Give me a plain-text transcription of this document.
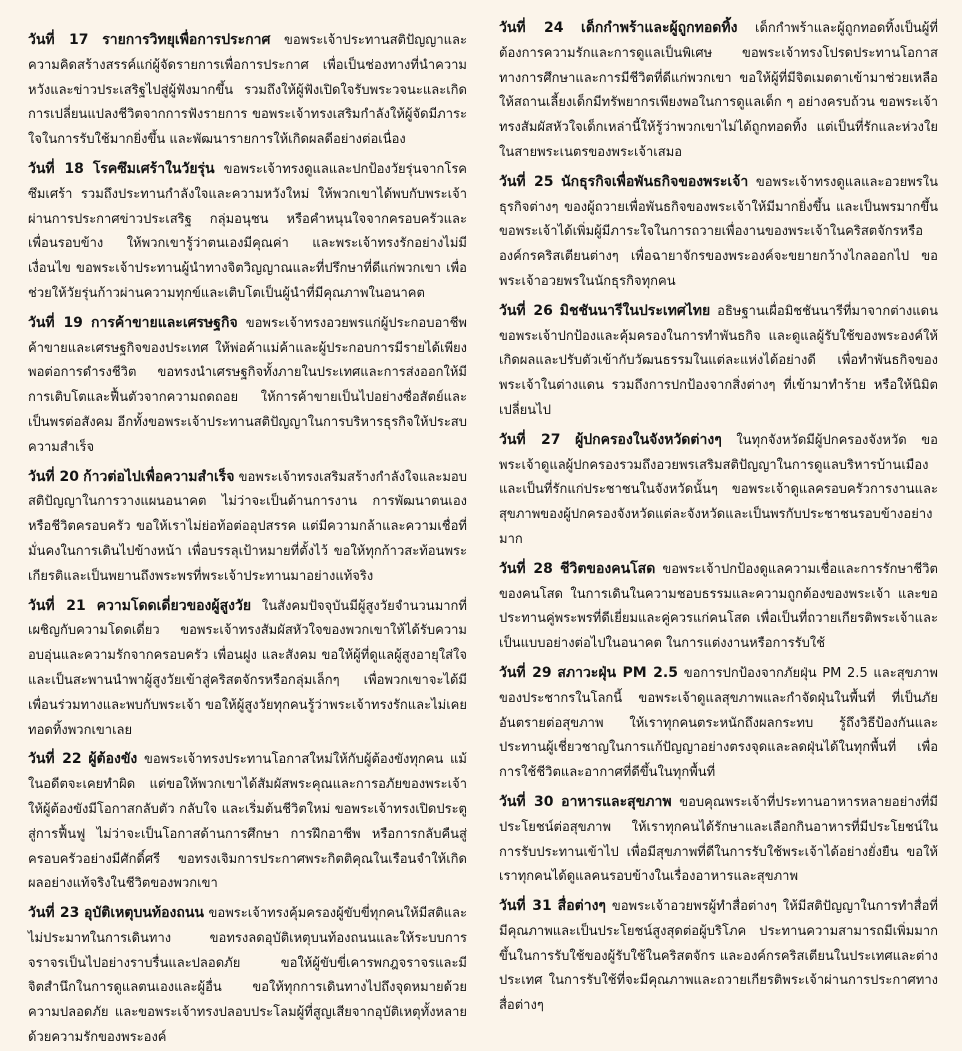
วันที่ 17 รายการวิทยุเพื่อการประกาศ ขอพระเจ้าประทานสติปัญญาและความคิดสร้างสรรค์แก่ผู้จัดรายการเพื่อการประกาศ เพื่อเป็นช่องทางที่นำความหวังและข่าวประเสริฐไปสู่ผู้ฟังมากขึ้น รวมถึงให้ผู้ฟังเปิดใจรับพระวจนะและเกิดการเปลี่ยนแปลงชีวิตจากการฟังรายการ ขอพระเจ้าทรงเสริมกำลังให้ผู้จัดมีภาระใจในการรับใช้มากยิ่งขึ้น และพัฒนารายการให้เกิดผลดีอย่างต่อเนื่อง

วันที่ 18 โรคซึมเศร้าในวัยรุ่น ขอพระเจ้าทรงดูแลและปกป้องวัยรุ่นจากโรคซึมเศร้า รวมถึงประทานกำลังใจและความหวังใหม่ ให้พวกเขาได้พบกับพระเจ้าผ่านการประกาศข่าวประเสริฐ กลุ่มอนุชน หรือคำหนุนใจจากครอบครัวและเพื่อนรอบข้าง ให้พวกเขารู้ว่าตนเองมีคุณค่า และพระเจ้าทรงรักอย่างไม่มีเงื่อนไข ขอพระเจ้าประทานผู้นำทางจิตวิญญาณและที่ปรึกษาที่ดีแก่พวกเขา เพื่อช่วยให้วัยรุ่นก้าวผ่านความทุกข์และเติบโตเป็นผู้นำที่มีคุณภาพในอนาคต

วันที่ 19 การค้าขายและเศรษฐกิจ ขอพระเจ้าทรงอวยพรแก่ผู้ประกอบอาชีพค้าขายและเศรษฐกิจของประเทศ ให้พ่อค้าแม่ค้าและผู้ประกอบการมีรายได้เพียงพอต่อการดำรงชีวิต ขอทรงนำเศรษฐกิจทั้งภายในประเทศและการส่งออกให้มีการเติบโตและฟื้นตัวจากความถดถอย ให้การค้าขายเป็นไปอย่างซื่อสัตย์และเป็นพรต่อสังคม อีกทั้งขอพระเจ้าประทานสติปัญญาในการบริหารธุรกิจให้ประสบความสำเร็จ

วันที่ 20 ก้าวต่อไปเพื่อความสำเร็จ ขอพระเจ้าทรงเสริมสร้างกำลังใจและมอบสติปัญญาในการวางแผนอนาคต ไม่ว่าจะเป็นด้านการงาน การพัฒนาตนเอง หรือชีวิตครอบครัว ขอให้เราไม่ย่อท้อต่ออุปสรรค แต่มีความกล้าและความเชื่อที่มั่นคงในการเดินไปข้างหน้า เพื่อบรรลุเป้าหมายที่ตั้งไว้ ขอให้ทุกก้าวสะท้อนพระเกียรติและเป็นพยานถึงพระพรที่พระเจ้าประทานมาอย่างแท้จริง

วันที่ 21 ความโดดเดี่ยวของผู้สูงวัย ในสังคมปัจจุบันมีผู้สูงวัยจำนวนมากที่เผชิญกับความโดดเดี่ยว ขอพระเจ้าทรงสัมผัสหัวใจของพวกเขาให้ได้รับความอบอุ่นและความรักจากครอบครัว เพื่อนฝูง และสังคม ขอให้ผู้ที่ดูแลผู้สูงอายุใส่ใจและเป็นสะพานนำพาผู้สูงวัยเข้าสู่คริสตจักรหรือกลุ่มเล็กๆ เพื่อพวกเขาจะได้มีเพื่อนร่วมทางและพบกับพระเจ้า ขอให้ผู้สูงวัยทุกคนรู้ว่าพระเจ้าทรงรักและไม่เคยทอดทิ้งพวกเขาเลย

วันที่ 22 ผู้ต้องขัง ขอพระเจ้าทรงประทานโอกาสใหม่ให้กับผู้ต้องขังทุกคน แม้ในอดีตจะเคยทำผิด แต่ขอให้พวกเขาได้สัมผัสพระคุณและการอภัยของพระเจ้า ให้ผู้ต้องขังมีโอกาสกลับตัว กลับใจ และเริ่มต้นชีวิตใหม่ ขอพระเจ้าทรงเปิดประตูสู่การฟื้นฟู ไม่ว่าจะเป็นโอกาสด้านการศึกษา การฝึกอาชีพ หรือการกลับคืนสู่ครอบครัวอย่างมีศักดิ์ศรี ขอทรงเจิมการประกาศพระกิตติคุณในเรือนจำให้เกิดผลอย่างแท้จริงในชีวิตของพวกเขา

วันที่ 23 อุบัติเหตุบนท้องถนน ขอพระเจ้าทรงคุ้มครองผู้ขับขี่ทุกคนให้มีสติและไม่ประมาทในการเดินทาง ขอทรงลดอุบัติเหตุบนท้องถนนและให้ระบบการจราจรเป็นไปอย่างราบรื่นและปลอดภัย ขอให้ผู้ขับขี่เคารพกฎจราจรและมีจิตสำนึกในการดูแลตนเองและผู้อื่น ขอให้ทุกการเดินทางไปถึงจุดหมายด้วยความปลอดภัย และขอพระเจ้าทรงปลอบประโลมผู้ที่สูญเสียจากอุบัติเหตุทั้งหลายด้วยความรักของพระองค์

วันที่ 24 เด็กกำพร้าและผู้ถูกทอดทิ้ง เด็กกำพร้าและผู้ถูกทอดทิ้งเป็นผู้ที่ต้องการความรักและการดูแลเป็นพิเศษ ขอพระเจ้าทรงโปรดประทานโอกาสทางการศึกษาและการมีชีวิตที่ดีแก่พวกเขา ขอให้ผู้ที่มีจิตเมตตาเข้ามาช่วยเหลือให้สถานเลี้ยงเด็กมีทรัพยากรเพียงพอในการดูแลเด็ก ๆ อย่างครบถ้วน ขอพระเจ้าทรงสัมผัสหัวใจเด็กเหล่านี้ให้รู้ว่าพวกเขาไม่ได้ถูกทอดทิ้ง แต่เป็นที่รักและห่วงใยในสายพระเนตรของพระเจ้าเสมอ

วันที่ 25 นักธุรกิจเพื่อพันธกิจของพระเจ้า ขอพระเจ้าทรงดูแลและอวยพรในธุรกิจต่างๆ ของผู้ถวายเพื่อพันธกิจของพระเจ้าให้มีมากยิ่งขึ้น และเป็นพรมากขึ้น ขอพระเจ้าได้เพิ่มผู้มีภาระใจในการถวายเพื่องานของพระเจ้าในคริสตจักรหรือองค์กรคริสเตียนต่างๆ เพื่อฉายาจักรของพระองค์จะขยายกว้างไกลออกไป ขอพระเจ้าอวยพรในนักธุรกิจทุกคน

วันที่ 26 มิชชันนารีในประเทศไทย อธิษฐานเผื่อมิชชันนารีที่มาจากต่างแดน ขอพระเจ้าปกป้องและคุ้มครองในการทำพันธกิจ และดูแลผู้รับใช้ของพระองค์ให้เกิดผลและปรับตัวเข้ากับวัฒนธรรมในแต่ละแห่งได้อย่างดี เพื่อทำพันธกิจของพระเจ้าในต่างแดน รวมถึงการปกป้องจากสิ่งต่างๆ ที่เข้ามาทำร้าย หรือให้นิมิตเปลี่ยนไป

วันที่ 27 ผู้ปกครองในจังหวัดต่างๆ ในทุกจังหวัดมีผู้ปกครองจังหวัด ขอพระเจ้าดูแลผู้ปกครองรวมถึงอวยพรเสริมสติปัญญาในการดูแลบริหารบ้านเมือง และเป็นที่รักแก่ประชาชนในจังหวัดนั้นๆ ขอพระเจ้าดูแลครอบครัวการงานและสุขภาพของผู้ปกครองจังหวัดแต่ละจังหวัดและเป็นพรกับประชาชนรอบข้างอย่างมาก

วันที่ 28 ชีวิตของคนโสด ขอพระเจ้าปกป้องดูแลความเชื่อและการรักษาชีวิตของคนโสด ในการเดินในความชอบธรรมและความถูกต้องของพระเจ้า และขอประทานคู่พระพรที่ดีเยี่ยมและคู่ควรแก่คนโสด เพื่อเป็นที่ถวายเกียรติพระเจ้าและเป็นแบบอย่างต่อไปในอนาคต ในการแต่งงานหรือการรับใช้

วันที่ 29 สภาวะฝุ่น PM 2.5 ขอการปกป้องจากภัยฝุ่น PM 2.5 และสุขภาพของประชากรในโลกนี้ ขอพระเจ้าดูแลสุขภาพและกำจัดฝุ่นในพื้นที่ ที่เป็นภัยอันตรายต่อสุขภาพ ให้เราทุกคนตระหนักถึงผลกระทบ รู้ถึงวิธีป้องกันและประทานผู้เชี่ยวชาญในการแก้ปัญญาอย่างตรงจุดและลดฝุ่นได้ในทุกพื้นที่ เพื่อการใช้ชีวิตและอากาศที่ดีขึ้นในทุกพื้นที่

วันที่ 30 อาหารและสุขภาพ ขอบคุณพระเจ้าที่ประทานอาหารหลายอย่างที่มีประโยชน์ต่อสุขภาพ ให้เราทุกคนได้รักษาและเลือกกินอาหารที่มีประโยชน์ในการรับประทานเข้าไป เพื่อมีสุขภาพที่ดีในการรับใช้พระเจ้าได้อย่างยั่งยืน ขอให้เราทุกคนได้ดูแลคนรอบข้างในเรื่องอาหารและสุขภาพ

วันที่ 31 สื่อต่างๆ ขอพระเจ้าอวยพรผู้ทำสื่อต่างๆ ให้มีสติปัญญาในการทำสื่อที่มีคุณภาพและเป็นประโยชน์สูงสุดต่อผู้บริโภค ประทานความสามารถมีเพิ่มมากขึ้นในการรับใช้ของผู้รับใช้ในคริสตจักร และองค์กรคริสเตียนในประเทศและต่างประเทศ ในการรับใช้ที่จะมีคุณภาพและถวายเกียรติพระเจ้าผ่านการประกาศทางสื่อต่างๆ
